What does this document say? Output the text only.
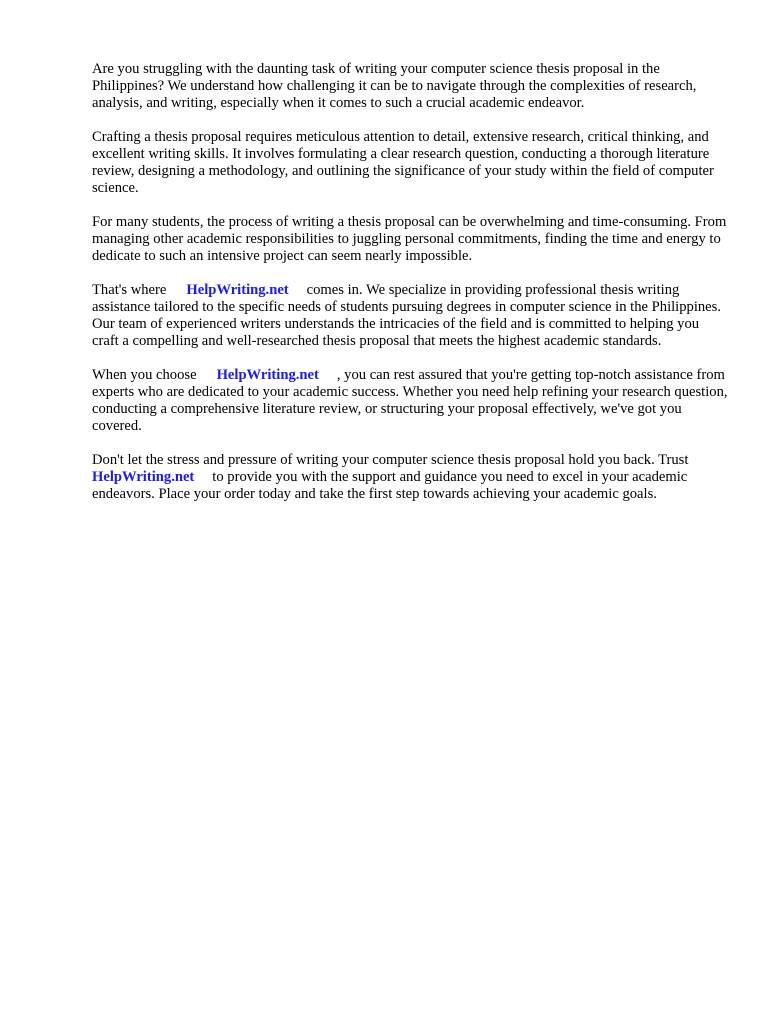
Are you struggling with the daunting task of writing your computer science thesis proposal in the Philippines? We understand how challenging it can be to navigate through the complexities of research, analysis, and writing, especially when it comes to such a crucial academic endeavor.

Crafting a thesis proposal requires meticulous attention to detail, extensive research, critical thinking, and excellent writing skills. It involves formulating a clear research question, conducting a thorough literature review, designing a methodology, and outlining the significance of your study within the field of computer science.

For many students, the process of writing a thesis proposal can be overwhelming and time-consuming. From managing other academic responsibilities to juggling personal commitments, finding the time and energy to dedicate to such an intensive project can seem nearly impossible.

That's where HelpWriting.net comes in. We specialize in providing professional thesis writing assistance tailored to the specific needs of students pursuing degrees in computer science in the Philippines. Our team of experienced writers understands the intricacies of the field and is committed to helping you craft a compelling and well-researched thesis proposal that meets the highest academic standards.

When you choose HelpWriting.net , you can rest assured that you're getting top-notch assistance from experts who are dedicated to your academic success. Whether you need help refining your research question, conducting a comprehensive literature review, or structuring your proposal effectively, we've got you covered.

Don't let the stress and pressure of writing your computer science thesis proposal hold you back. TrustHelpWriting.net to provide you with the support and guidance you need to excel in your academic endeavors. Place your order today and take the first step towards achieving your academic goals.
